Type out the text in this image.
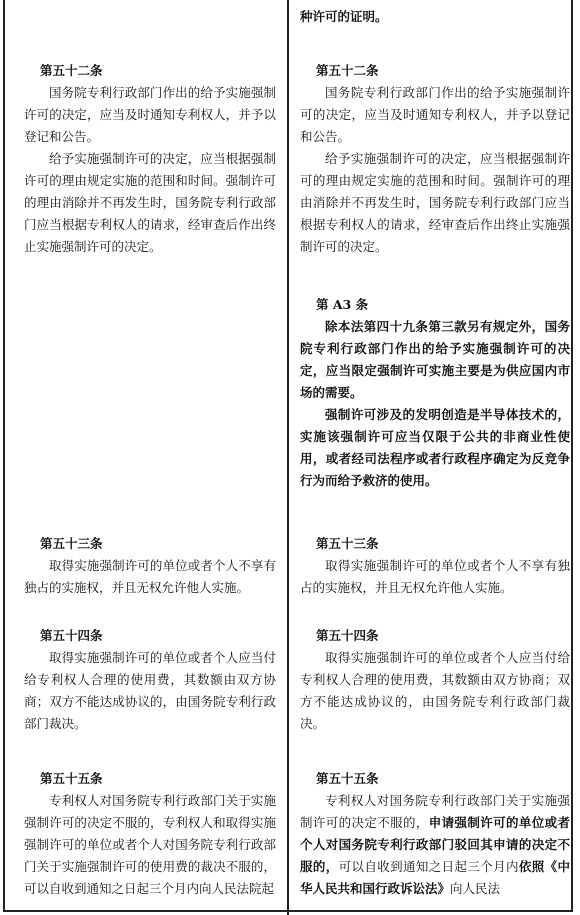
第五十二条

国务院专利行政部门作出的给予实施强制许可的决定，应当及时通知专利权人，并予以登记和公告。

给予实施强制许可的决定，应当根据强制许可的理由规定实施的范围和时间。强制许可的理由消除并不再发生时，国务院专利行政部门应当根据专利权人的请求，经审查后作出终止实施强制许可的决定。

第五十三条

取得实施强制许可的单位或者个人不享有独占的实施权，并且无权允许他人实施。

第五十四条

取得实施强制许可的单位或者个人应当付给专利权人合理的使用费，其数额由双方协商；双方不能达成协议的，由国务院专利行政部门裁决。

第五十五条

专利权人对国务院专利行政部门关于实施强制许可的决定不服的，专利权人和取得实施强制许可的单位或者个人对国务院专利行政部门关于实施强制许可的使用费的裁决不服的，可以自收到通知之日起三个月内向人民法院起

种许可的证明。

第五十二条

国务院专利行政部门作出的给予实施强制许可的决定，应当及时通知专利权人，并予以登记和公告。

给予实施强制许可的决定，应当根据强制许可的理由规定实施的范围和时间。强制许可的理由消除并不再发生时，国务院专利行政部门应当根据专利权人的请求，经审查后作出终止实施强制许可的决定。

第 A3 条

除本法第四十九条第三款另有规定外，国务院专利行政部门作出的给予实施强制许可的决定，应当限定强制许可实施主要是为供应国内市场的需要。

强制许可涉及的发明创造是半导体技术的，实施该强制许可应当仅限于公共的非商业性使用，或者经司法程序或者行政程序确定为反竞争行为而给予救济的使用。

第五十三条

取得实施强制许可的单位或者个人不享有独占的实施权，并且无权允许他人实施。

第五十四条

取得实施强制许可的单位或者个人应当付给专利权人合理的使用费，其数额由双方协商；双方不能达成协议的，由国务院专利行政部门裁决。

第五十五条

专利权人对国务院专利行政部门关于实施强制许可的决定不服的，申请强制许可的单位或者个人对国务院专利行政部门驳回其申请的决定不服的，可以自收到通知之日起三个月内依照《中华人民共和国行政诉讼法》向人民法
